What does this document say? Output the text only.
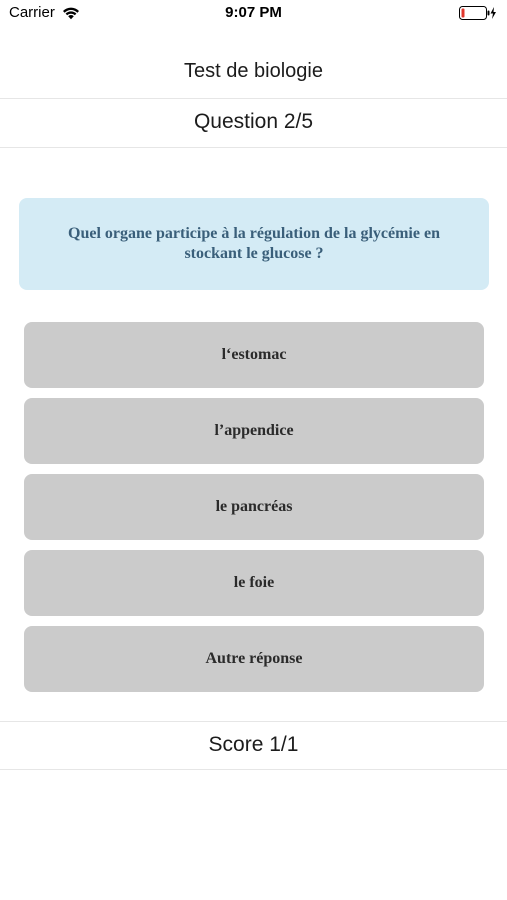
Carrier	9:07 PM
Test de biologie
Question 2/5
Quel organe participe à la régulation de la glycémie en stockant le glucose ?
l‘estomac
l’appendice
le pancréas
le foie
Autre réponse
Score 1/1
